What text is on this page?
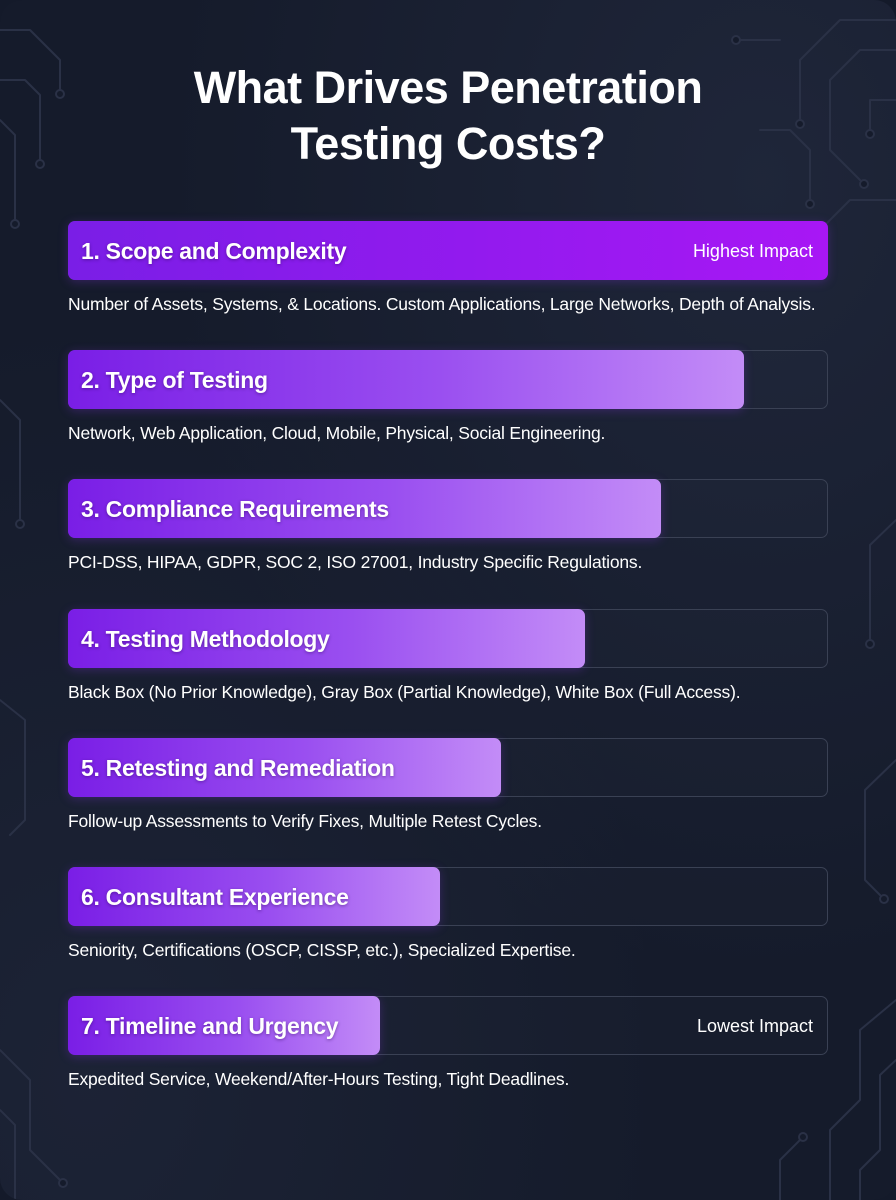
What Drives Penetration
Testing Costs?
1. Scope and Complexity	Highest Impact
Number of Assets, Systems, & Locations. Custom Applications, Large Networks, Depth of Analysis.
2. Type of Testing
Network, Web Application, Cloud, Mobile, Physical, Social Engineering.
3. Compliance Requirements
PCI-DSS, HIPAA, GDPR, SOC 2, ISO 27001, Industry Specific Regulations.
4. Testing Methodology
Black Box (No Prior Knowledge), Gray Box (Partial Knowledge), White Box (Full Access).
5. Retesting and Remediation
Follow-up Assessments to Verify Fixes, Multiple Retest Cycles.
6. Consultant Experience
Seniority, Certifications (OSCP, CISSP, etc.), Specialized Expertise.
7. Timeline and Urgency	Lowest Impact
Expedited Service, Weekend/After-Hours Testing, Tight Deadlines.
